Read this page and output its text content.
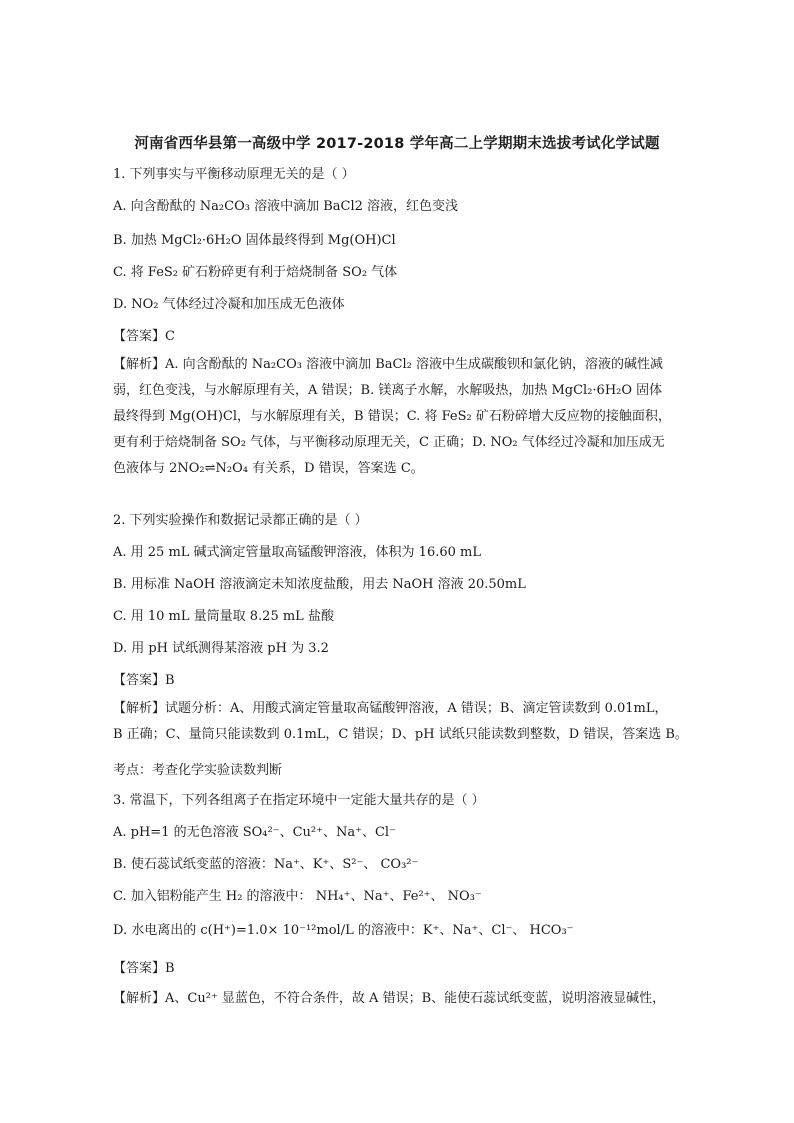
河南省西华县第一高级中学 2017-2018 学年高二上学期期末选拔考试化学试题
1. 下列事实与平衡移动原理无关的是（ ）
A. 向含酚酞的 Na₂CO₃ 溶液中滴加 BaCl2 溶液，红色变浅
B. 加热 MgCl₂·6H₂O 固体最终得到 Mg(OH)Cl
C. 将 FeS₂ 矿石粉碎更有利于焙烧制备 SO₂ 气体
D. NO₂ 气体经过冷凝和加压成无色液体
【答案】C
【解析】A. 向含酚酞的 Na₂CO₃ 溶液中滴加 BaCl₂ 溶液中生成碳酸钡和氯化钠，溶液的碱性减
弱，红色变浅，与水解原理有关，A 错误；B. 镁离子水解，水解吸热，加热 MgCl₂·6H₂O 固体
最终得到 Mg(OH)Cl，与水解原理有关，B 错误；C. 将 FeS₂ 矿石粉碎增大反应物的接触面积，
更有利于焙烧制备 SO₂ 气体，与平衡移动原理无关，C 正确；D. NO₂ 气体经过冷凝和加压成无
色液体与 2NO₂⇌N₂O₄ 有关系，D 错误，答案选 C。
2. 下列实验操作和数据记录都正确的是（ ）
A. 用 25 mL 碱式滴定管量取高锰酸钾溶液，体积为 16.60 mL
B. 用标准 NaOH 溶液滴定未知浓度盐酸，用去 NaOH 溶液 20.50mL
C. 用 10 mL 量筒量取 8.25 mL 盐酸
D. 用 pH 试纸测得某溶液 pH 为 3.2
【答案】B
【解析】试题分析：A、用酸式滴定管量取高锰酸钾溶液，A 错误；B、滴定管读数到 0.01mL，
B 正确；C、量筒只能读数到 0.1mL，C 错误；D、pH 试纸只能读数到整数，D 错误，答案选 B。
考点：考查化学实验读数判断
3. 常温下，下列各组离子在指定环境中一定能大量共存的是（ ）
A. pH=1 的无色溶液 SO₄²⁻、Cu²⁺、Na⁺、Cl⁻
B. 使石蕊试纸变蓝的溶液：Na⁺、K⁺、S²⁻、 CO₃²⁻
C. 加入铝粉能产生 H₂ 的溶液中： NH₄⁺、Na⁺、Fe²⁺、 NO₃⁻
D. 水电离出的 c(H⁺)=1.0× 10⁻¹²mol/L 的溶液中：K⁺、Na⁺、Cl⁻、 HCO₃⁻
【答案】B
【解析】A、Cu²⁺ 显蓝色，不符合条件，故 A 错误；B、能使石蕊试纸变蓝，说明溶液显碱性，
